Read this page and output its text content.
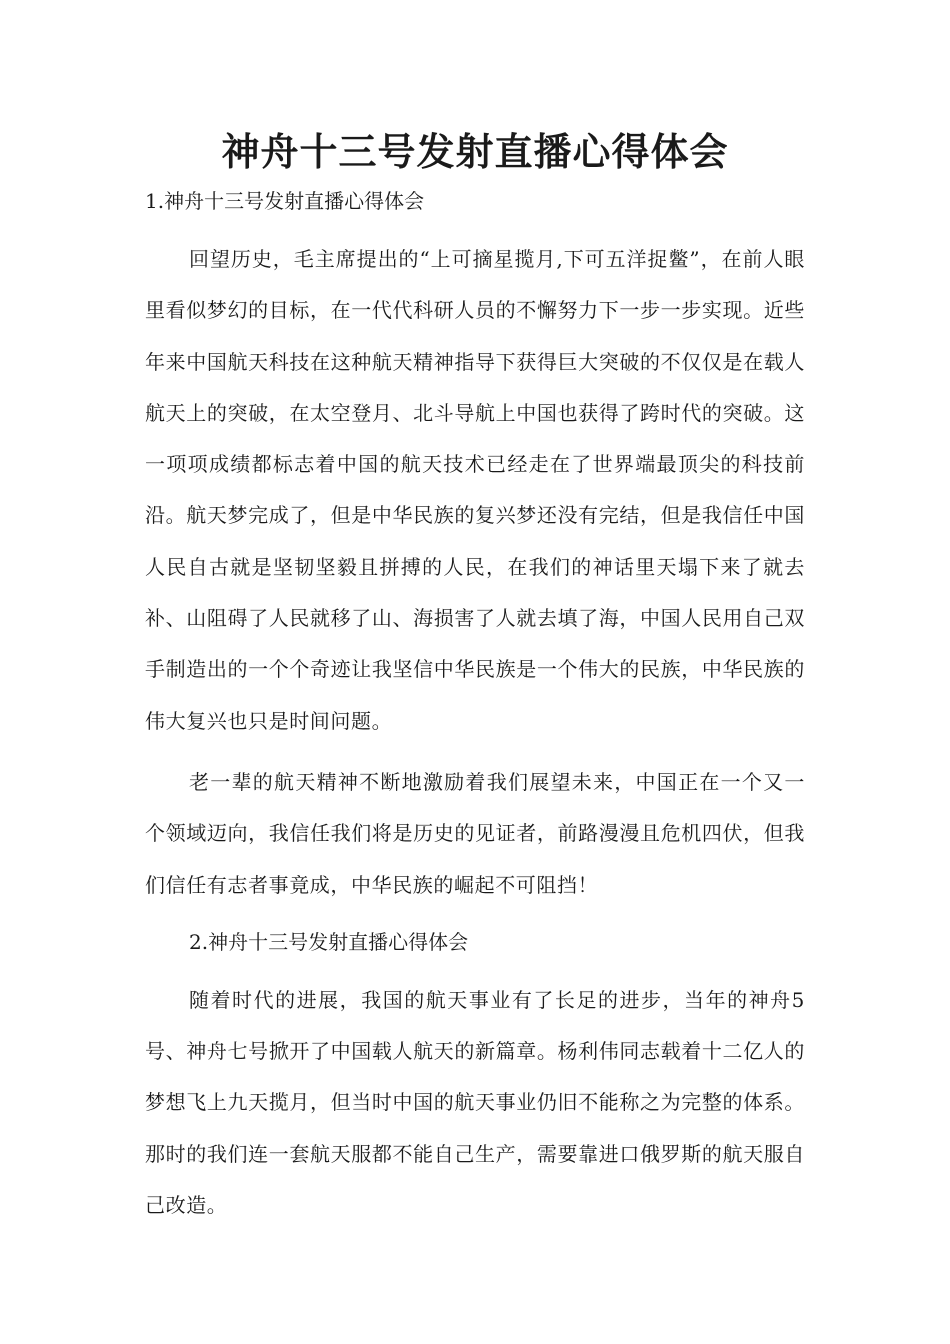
神舟十三号发射直播心得体会

1.神舟十三号发射直播心得体会

回望历史，毛主席提出的“上可摘星揽月,下可五洋捉鳖”，在前人眼里看似梦幻的目标，在一代代科研人员的不懈努力下一步一步实现。近些年来中国航天科技在这种航天精神指导下获得巨大突破的不仅仅是在载人航天上的突破，在太空登月、北斗导航上中国也获得了跨时代的突破。这一项项成绩都标志着中国的航天技术已经走在了世界端最顶尖的科技前沿。航天梦完成了，但是中华民族的复兴梦还没有完结，但是我信任中国人民自古就是坚韧坚毅且拼搏的人民，在我们的神话里天塌下来了就去补、山阻碍了人民就移了山、海损害了人就去填了海，中国人民用自己双手制造出的一个个奇迹让我坚信中华民族是一个伟大的民族，中华民族的伟大复兴也只是时间问题。

老一辈的航天精神不断地激励着我们展望未来，中国正在一个又一个领域迈向，我信任我们将是历史的见证者，前路漫漫且危机四伏，但我们信任有志者事竟成，中华民族的崛起不可阻挡！

2.神舟十三号发射直播心得体会

随着时代的进展，我国的航天事业有了长足的进步，当年的神舟5号、神舟七号掀开了中国载人航天的新篇章。杨利伟同志载着十二亿人的梦想飞上九天揽月，但当时中国的航天事业仍旧不能称之为完整的体系。那时的我们连一套航天服都不能自己生产，需要靠进口俄罗斯的航天服自己改造。
